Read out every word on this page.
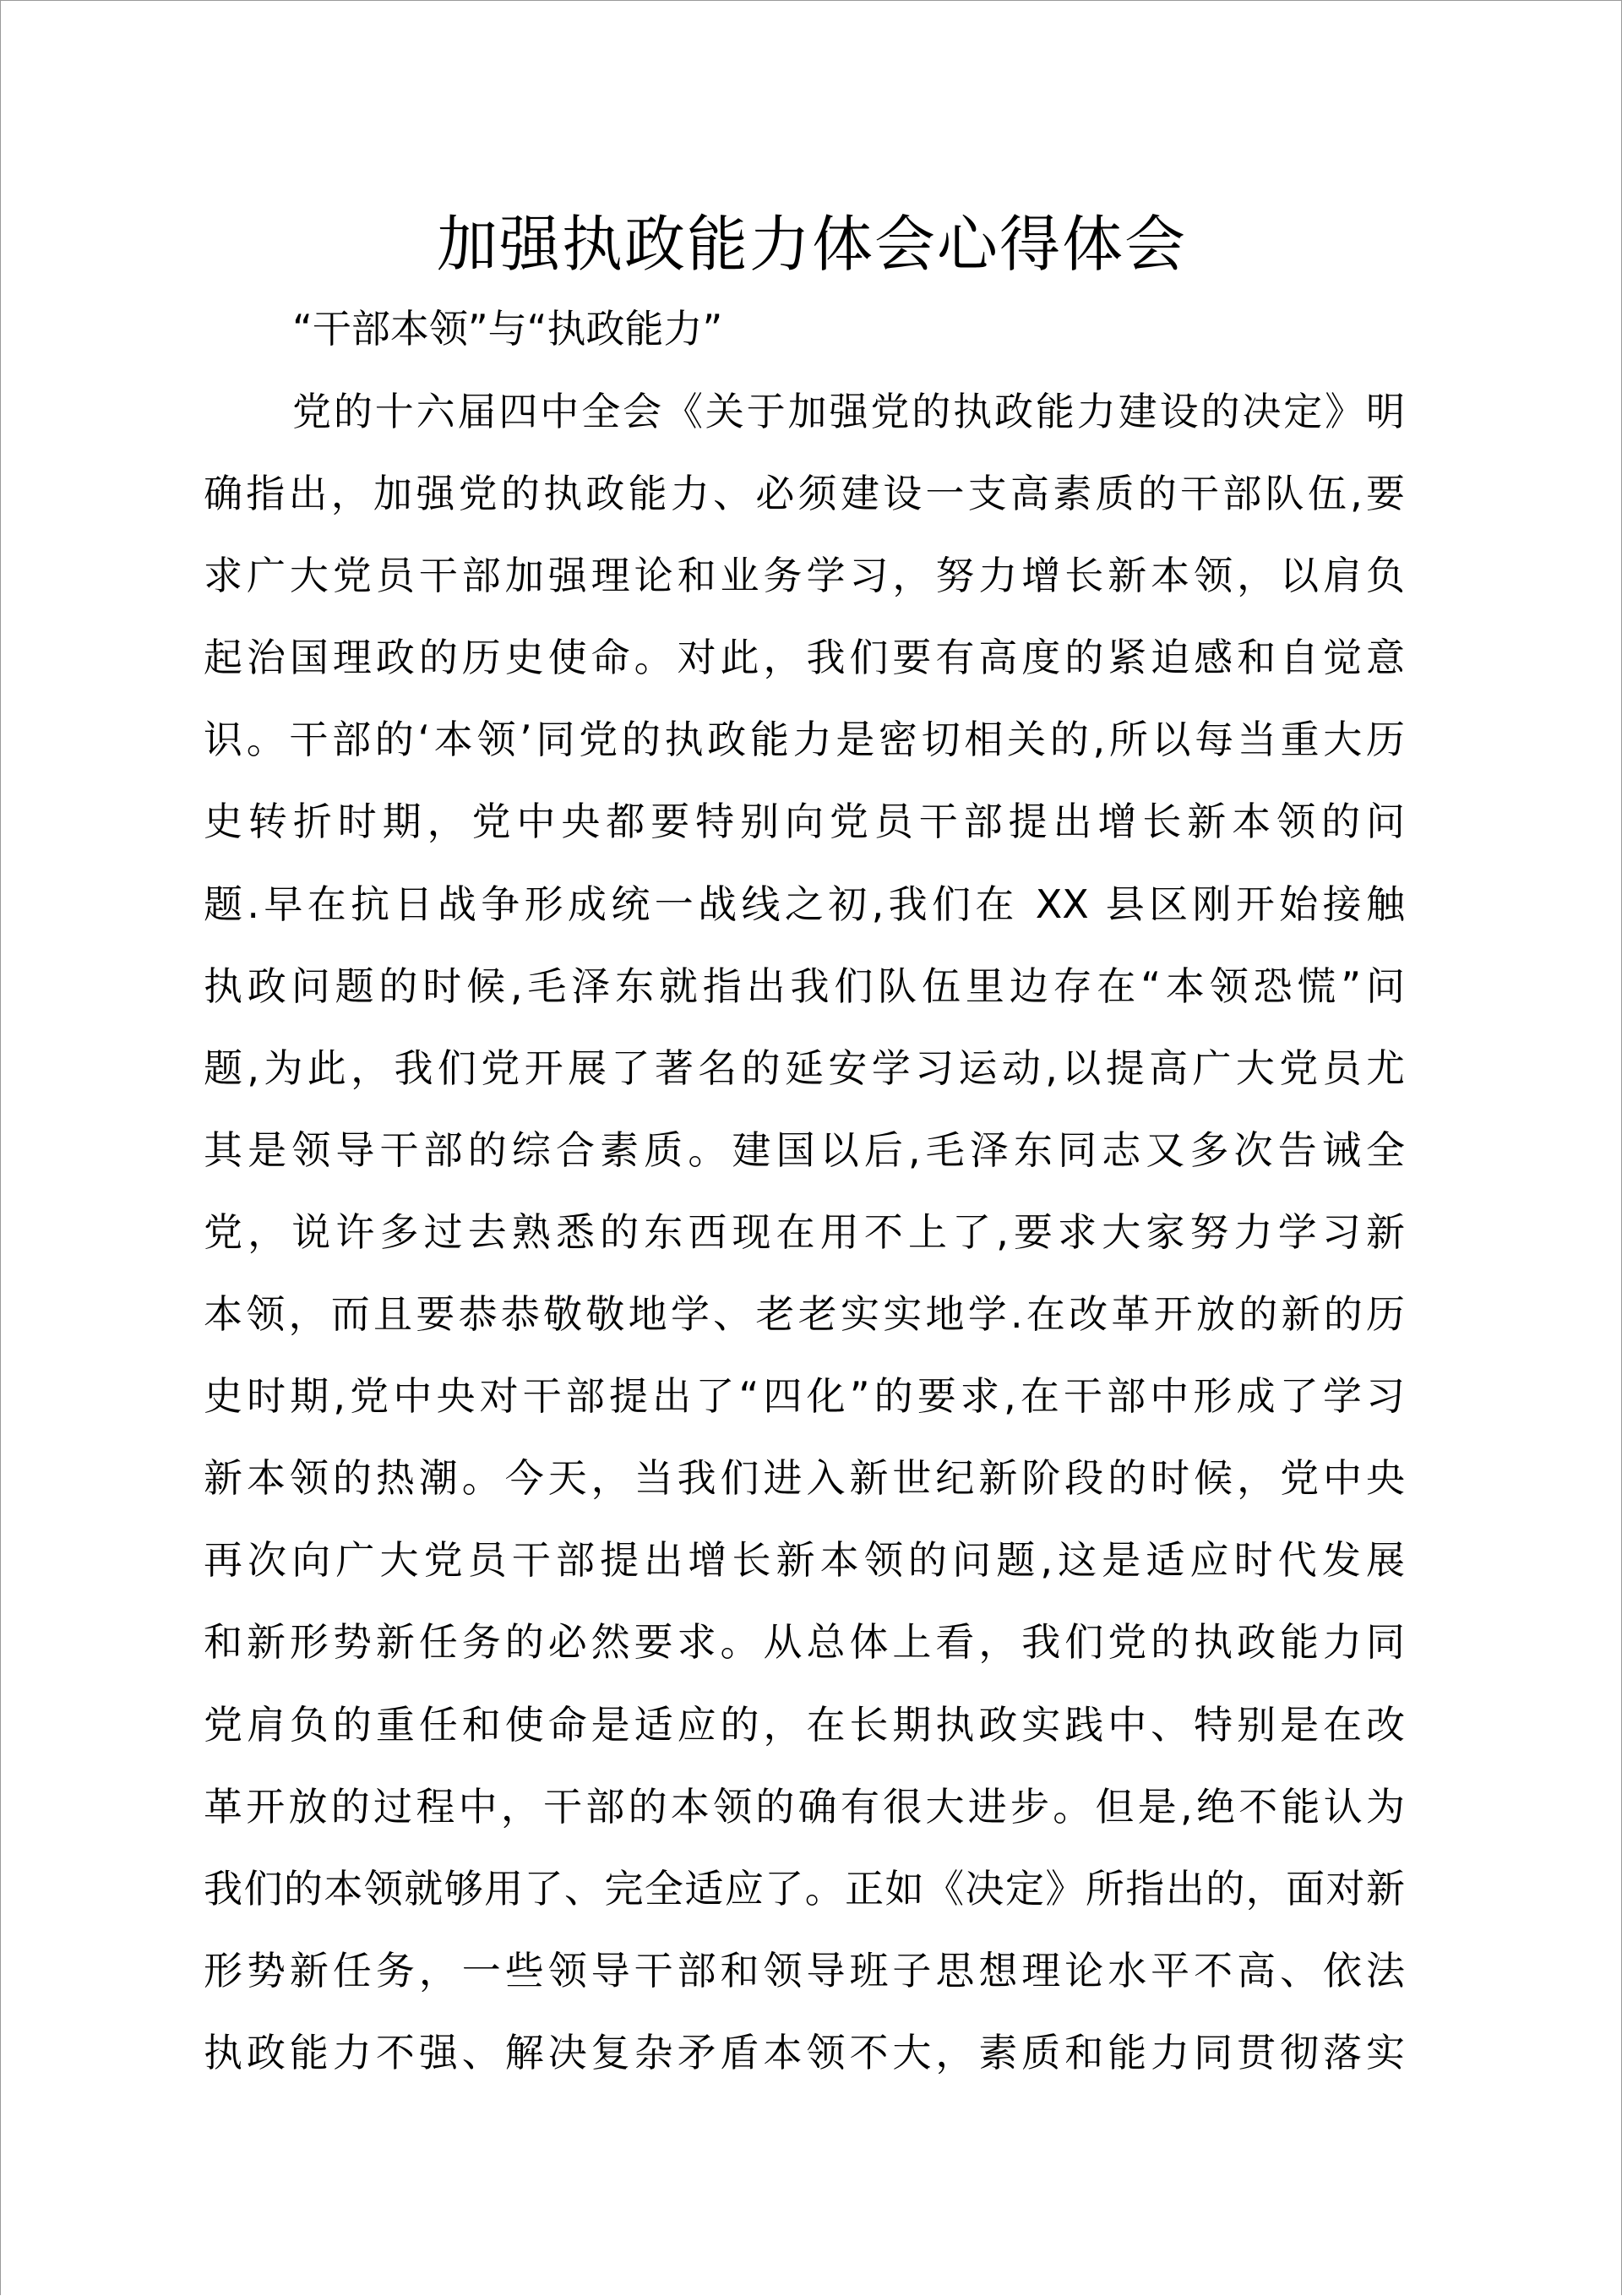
加强执政能力体会心得体会
“干部本领”与“执政能力”
党的十六届四中全会《关于加强党的执政能力建设的决定》明
确指出，加强党的执政能力、必须建设一支高素质的干部队伍,要
求广大党员干部加强理论和业务学习，努力增长新本领，以肩负
起治国理政的历史使命。对此，我们要有高度的紧迫感和自觉意
识。干部的‘本领’同党的执政能力是密切相关的,所以每当重大历
史转折时期，党中央都要特别向党员干部提出增长新本领的问
题.早在抗日战争形成统一战线之初,我们在 XX 县区刚开始接触
执政问题的时候,毛泽东就指出我们队伍里边存在“本领恐慌”问
题,为此，我们党开展了著名的延安学习运动,以提高广大党员尤
其是领导干部的综合素质。建国以后,毛泽东同志又多次告诫全
党，说许多过去熟悉的东西现在用不上了,要求大家努力学习新
本领，而且要恭恭敬敬地学、老老实实地学.在改革开放的新的历
史时期,党中央对干部提出了“四化”的要求,在干部中形成了学习
新本领的热潮。今天，当我们进入新世纪新阶段的时候，党中央
再次向广大党员干部提出增长新本领的问题,这是适应时代发展
和新形势新任务的必然要求。从总体上看，我们党的执政能力同
党肩负的重任和使命是适应的，在长期执政实践中、特别是在改
革开放的过程中，干部的本领的确有很大进步。但是,绝不能认为
我们的本领就够用了、完全适应了。正如《决定》所指出的，面对新
形势新任务，一些领导干部和领导班子思想理论水平不高、依法
执政能力不强、解决复杂矛盾本领不大，素质和能力同贯彻落实
